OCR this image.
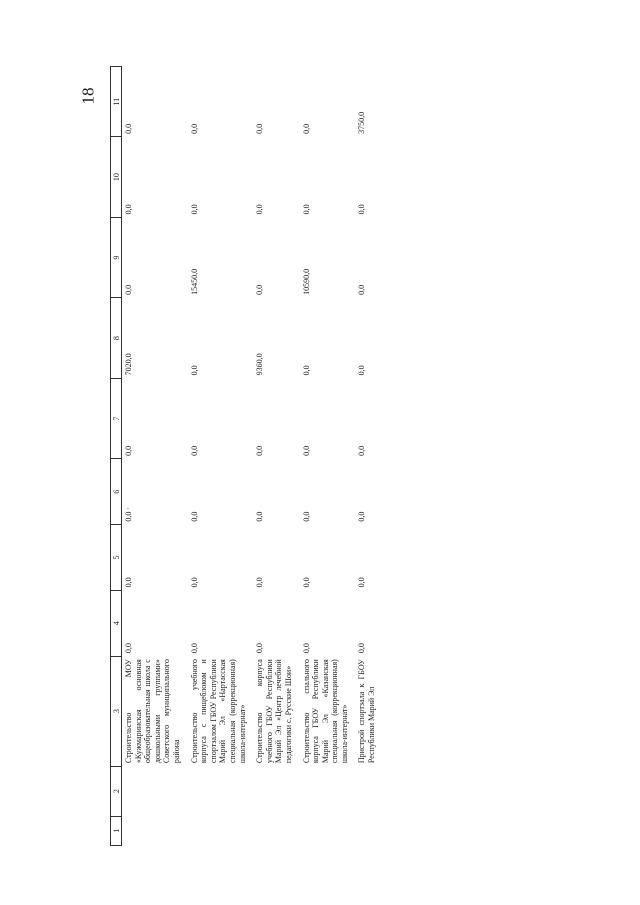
18
1	2	3	4	5	6	7	8	9	10	11
		Строительство МОУ «Кужмаринская основная общеобразовательная школа с дошкольными группами» Советского муниципального района	0,0	0,0	0,0 ·	0,0	7020,0	0,0	0,0	0,0
		Строительство учебного корпуса с пищеблоком и спортзалом ГБОУ Республики Марий Эл «Нартасская специальная (коррекционная) школа-интернат»	0,0	0,0	0,0	0,0	0,0	15450,0	0,0	0,0
		Строительство корпуса учебного ГБОУ Республики Марий Эл «Центр лечебной педагогики с. Русские Шои»	0,0	0,0	0,0	0,0	9360,0	0,0	0,0	0,0
		Строительство спального корпуса ГБОУ Республики Марий Эл «Казанская специальная (коррекционная) школа-интернат»	0,0	0,0	0,0	0,0	0,0	10590,0	0,0	0,0
		Пристрой спортзала к ГБОУ Республики Марий Эл	0,0	0,0	0,0	0,0	0,0	0,0	0,0	3750,0
